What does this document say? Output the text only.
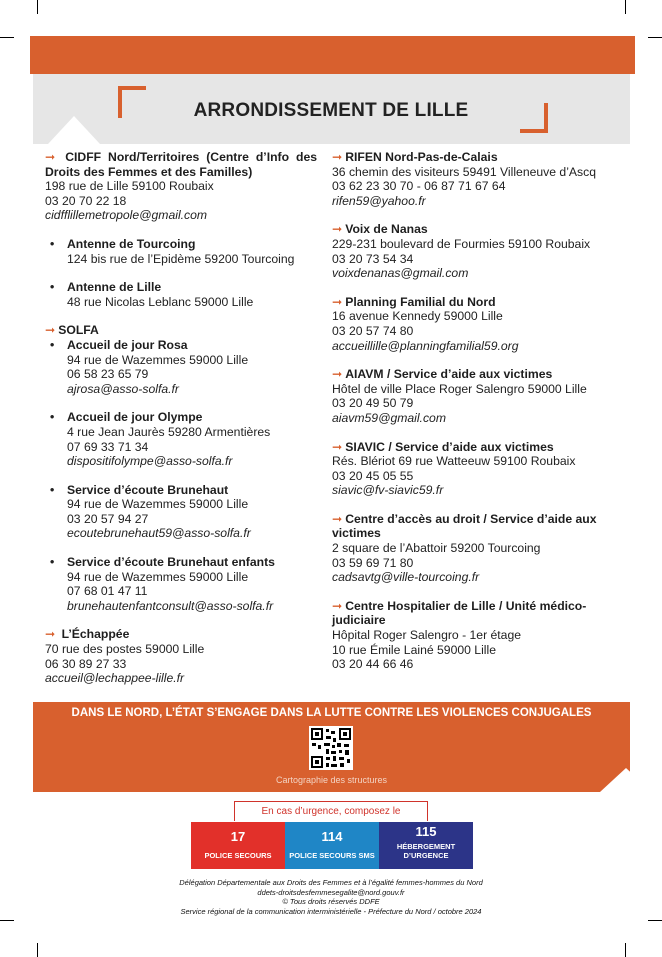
ARRONDISSEMENT DE LILLE
➞ CIDFF Nord/Territoires (Centre d’Info des Droits des Femmes et des Familles)
198 rue de Lille 59100 Roubaix
03 20 70 22 18
cidfflillemetropole@gmail.com
• Antenne de Tourcoing
124 bis rue de l’Epidème 59200 Tourcoing
• Antenne de Lille
48 rue Nicolas Leblanc 59000 Lille
➞ SOLFA
• Accueil de jour Rosa
94 rue de Wazemmes 59000 Lille
06 58 23 65 79
ajrosa@asso-solfa.fr
• Accueil de jour Olympe
4 rue Jean Jaurès 59280 Armentières
07 69 33 71 34
dispositifolympe@asso-solfa.fr
• Service d’écoute Brunehaut
94 rue de Wazemmes 59000 Lille
03 20 57 94 27
ecoutebrunehaut59@asso-solfa.fr
• Service d’écoute Brunehaut enfants
94 rue de Wazemmes 59000 Lille
07 68 01 47 11
brunehautenfantconsult@asso-solfa.fr
➞ L’Échappée
70 rue des postes 59000 Lille
06 30 89 27 33
accueil@lechappee-lille.fr
➞ RIFEN Nord-Pas-de-Calais
36 chemin des visiteurs 59491 Villeneuve d’Ascq
03 62 23 30 70 - 06 87 71 67 64
rifen59@yahoo.fr
➞ Voix de Nanas
229-231 boulevard de Fourmies 59100 Roubaix
03 20 73 54 34
voixdenanas@gmail.com
➞ Planning Familial du Nord
16 avenue Kennedy 59000 Lille
03 20 57 74 80
accueillille@planningfamilial59.org
➞ AIAVM / Service d’aide aux victimes
Hôtel de ville Place Roger Salengro 59000 Lille
03 20 49 50 79
aiavm59@gmail.com
➞ SIAVIC / Service d’aide aux victimes
Rés. Blériot 69 rue Watteeuw 59100 Roubaix
03 20 45 05 55
siavic@fv-siavic59.fr
➞ Centre d’accès au droit / Service d’aide aux victimes
2 square de l’Abattoir 59200 Tourcoing
03 59 69 71 80
cadsavtg@ville-tourcoing.fr
➞ Centre Hospitalier de Lille / Unité médico-judiciaire
Hôpital Roger Salengro - 1er étage
10 rue Émile Lainé 59000 Lille
03 20 44 66 46
DANS LE NORD, L’ÉTAT S’ENGAGE DANS LA LUTTE CONTRE LES VIOLENCES CONJUGALES
Cartographie des structures
En cas d’urgence, composez le
17
POLICE SECOURS
114
POLICE SECOURS SMS
115
HÉBERGEMENT D’URGENCE
Délégation Départementale aux Droits des Femmes et à l’égalité femmes-hommes du Nord
ddets-droitsdesfemmesegalite@nord.gouv.fr
© Tous droits réservés DDFE
Service régional de la communication interministérielle - Préfecture du Nord / octobre 2024
